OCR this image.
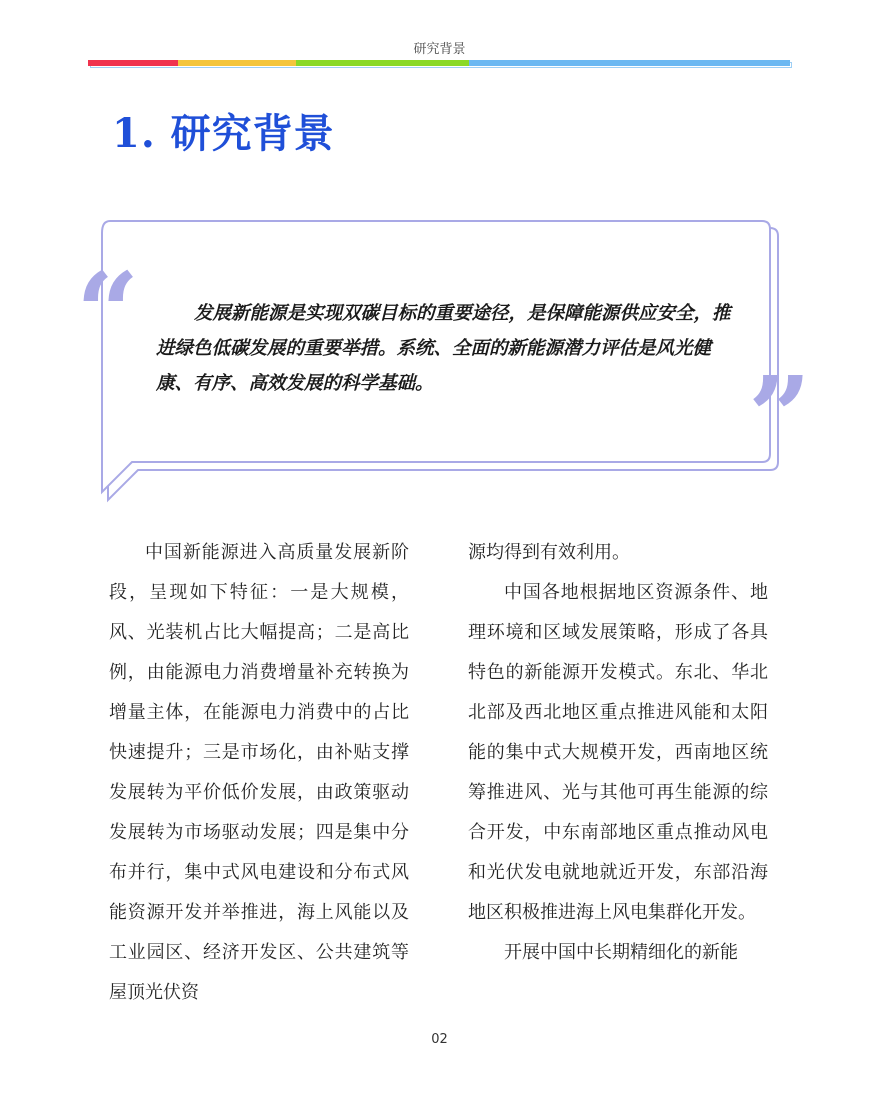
研究背景
1. 研究背景
“	发展新能源是实现双碳目标的重要途径，是保障能源供应安全，推进绿色低碳发展的重要举措。系统、全面的新能源潜力评估是风光健康、有序、高效发展的科学基础。	”

中国新能源进入高质量发展新阶段，呈现如下特征：一是大规模，风、光装机占比大幅提高；二是高比例，由能源电力消费增量补充转换为增量主体，在能源电力消费中的占比快速提升；三是市场化，由补贴支撑发展转为平价低价发展，由政策驱动发展转为市场驱动发展；四是集中分布并行，集中式风电建设和分布式风能资源开发并举推进，海上风能以及工业园区、经济开发区、公共建筑等屋顶光伏资

源均得到有效利用。

中国各地根据地区资源条件、地理环境和区域发展策略，形成了各具特色的新能源开发模式。东北、华北北部及西北地区重点推进风能和太阳能的集中式大规模开发，西南地区统筹推进风、光与其他可再生能源的综合开发，中东南部地区重点推动风电和光伏发电就地就近开发，东部沿海地区积极推进海上风电集群化开发。

开展中国中长期精细化的新能

02
